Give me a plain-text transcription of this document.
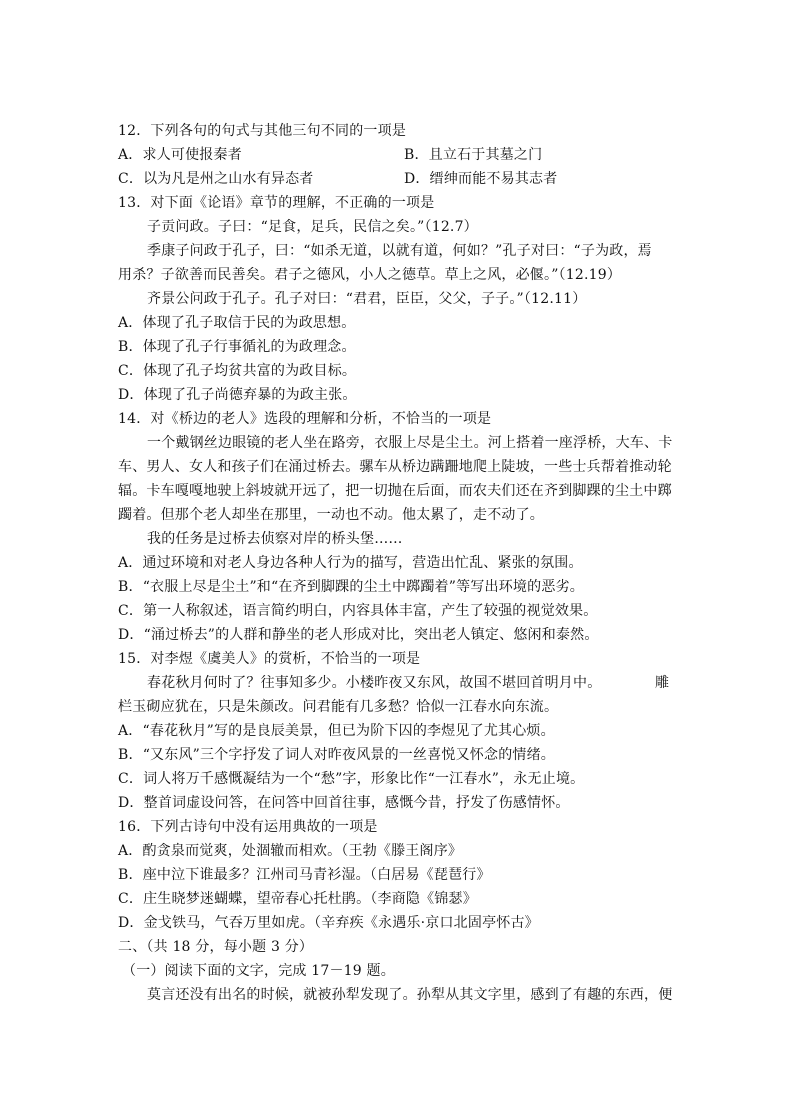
12．下列各句的句式与其他三句不同的一项是
A．求人可使报秦者	B．且立石于其墓之门
C．以为凡是州之山水有异态者	D．缙绅而能不易其志者
13．对下面《论语》章节的理解，不正确的一项是
子贡问政。子曰：“足食，足兵，民信之矣。”（12.7）
季康子问政于孔子，曰：“如杀无道，以就有道，何如？”孔子对曰：“子为政，焉
用杀？子欲善而民善矣。君子之德风，小人之德草。草上之风，必偃。”（12.19）
齐景公问政于孔子。孔子对曰：“君君，臣臣，父父，子子。”（12.11）
A．体现了孔子取信于民的为政思想。
B．体现了孔子行事循礼的为政理念。
C．体现了孔子均贫共富的为政目标。
D．体现了孔子尚德弃暴的为政主张。
14．对《桥边的老人》选段的理解和分析，不恰当的一项是
一个戴钢丝边眼镜的老人坐在路旁，衣服上尽是尘土。河上搭着一座浮桥，大车、卡
车、男人、女人和孩子们在涌过桥去。骡车从桥边蹒跚地爬上陡坡，一些士兵帮着推动轮
辐。卡车嘎嘎地驶上斜坡就开远了，把一切抛在后面，而农夫们还在齐到脚踝的尘土中踯
躅着。但那个老人却坐在那里，一动也不动。他太累了，走不动了。
我的任务是过桥去侦察对岸的桥头堡……
A．通过环境和对老人身边各种人行为的描写，营造出忙乱、紧张的氛围。
B．“衣服上尽是尘土”和“在齐到脚踝的尘土中踯躅着”等写出环境的恶劣。
C．第一人称叙述，语言简约明白，内容具体丰富，产生了较强的视觉效果。
D．“涌过桥去”的人群和静坐的老人形成对比，突出老人镇定、悠闲和泰然。
15．对李煜《虞美人》的赏析，不恰当的一项是
春花秋月何时了？往事知多少。小楼昨夜又东风，故国不堪回首明月中。	雕
栏玉砌应犹在，只是朱颜改。问君能有几多愁？恰似一江春水向东流。
A．“春花秋月”写的是良辰美景，但已为阶下囚的李煜见了尤其心烦。
B．“又东风”三个字抒发了词人对昨夜风景的一丝喜悦又怀念的情绪。
C．词人将万千感慨凝结为一个“愁”字，形象比作“一江春水”，永无止境。
D．整首词虚设问答，在问答中回首往事，感慨今昔，抒发了伤感情怀。
16．下列古诗句中没有运用典故的一项是
A．酌贪泉而觉爽，处涸辙而相欢。（王勃《滕王阁序》
B．座中泣下谁最多？江州司马青衫湿。（白居易《琵琶行》
C．庄生晓梦迷蝴蝶，望帝春心托杜鹃。（李商隐《锦瑟》
D．金戈铁马，气吞万里如虎。（辛弃疾《永遇乐·京口北固亭怀古》
二、（共 18 分，每小题 3 分）
（一）阅读下面的文字，完成 17－19 题。
莫言还没有出名的时候，就被孙犁发现了。孙犁从其文字里，感到了有趣的东西，便
